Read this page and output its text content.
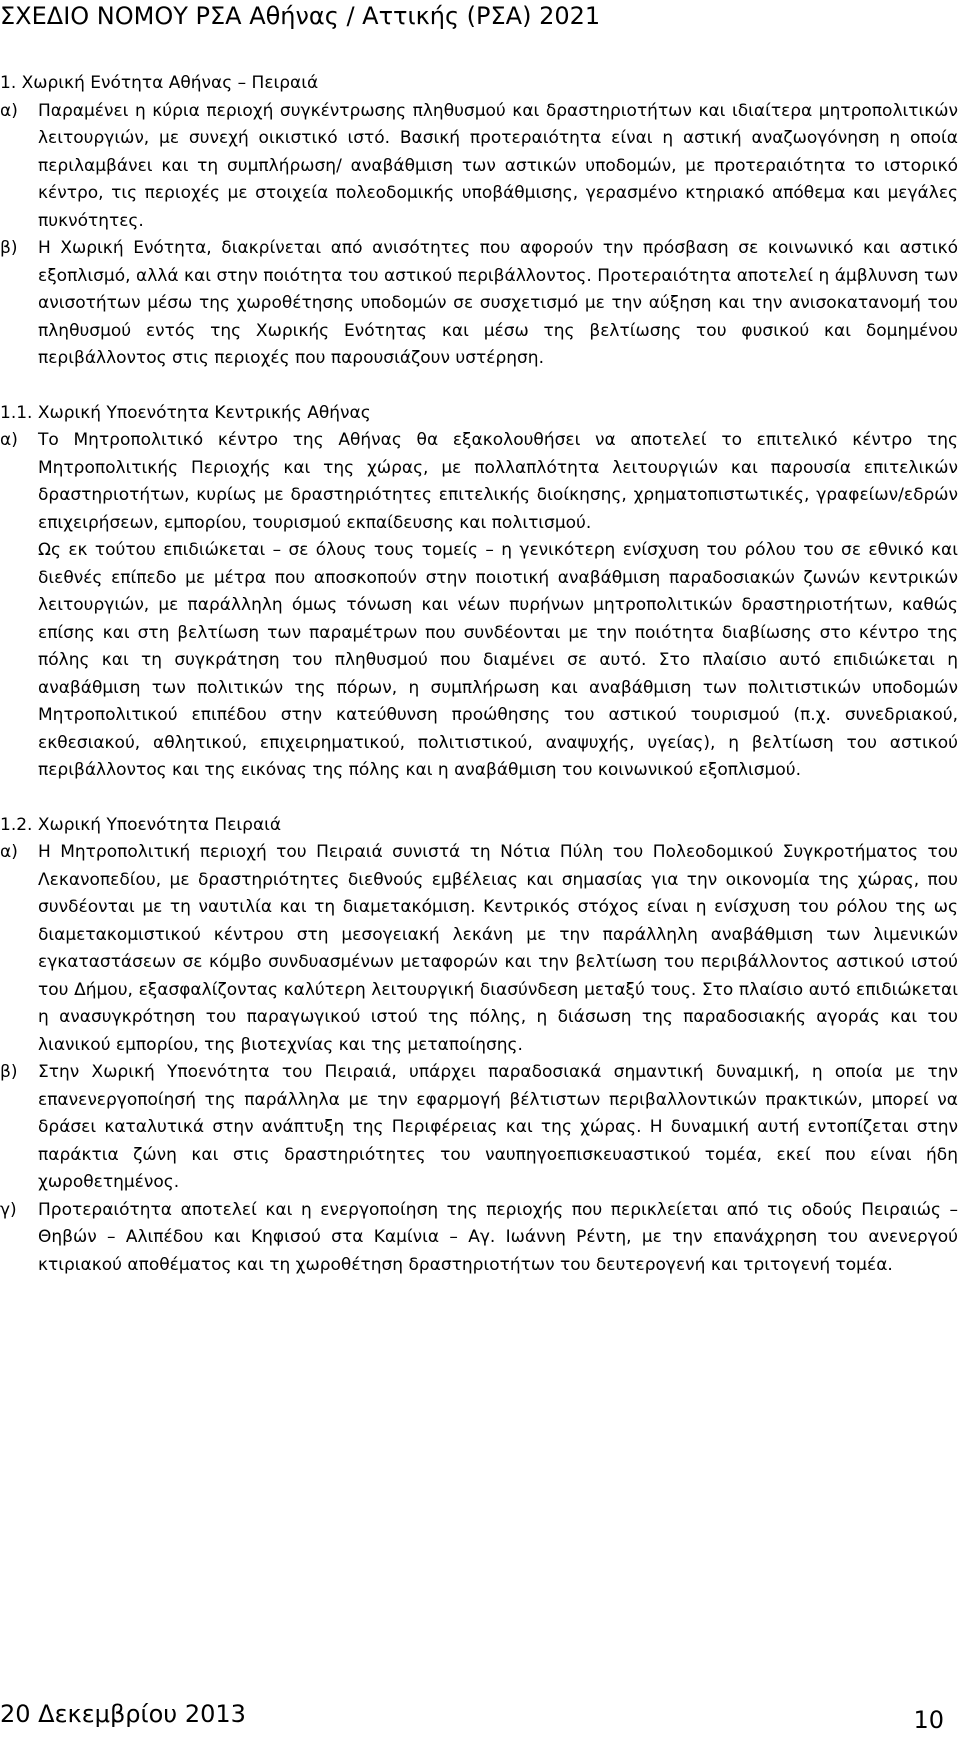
ΣΧΕΔΙΟ ΝΟΜΟΥ ΡΣΑ Αθήνας / Αττικής (ΡΣΑ) 2021

1. Χωρική Ενότητα Αθήνας – Πειραιά

α) Παραμένει η κύρια περιοχή συγκέντρωσης πληθυσμού και δραστηριοτήτων και ιδιαίτερα μητροπολιτικών λειτουργιών, με συνεχή οικιστικό ιστό. Βασική προτεραιότητα είναι η αστική αναζωογόνηση η οποία περιλαμβάνει και τη συμπλήρωση/ αναβάθμιση των αστικών υποδομών, με προτεραιότητα το ιστορικό κέντρο, τις περιοχές με στοιχεία πολεοδομικής υποβάθμισης, γερασμένο κτηριακό απόθεμα και μεγάλες πυκνότητες.

β) Η Χωρική Ενότητα, διακρίνεται από ανισότητες που αφορούν την πρόσβαση σε κοινωνικό και αστικό εξοπλισμό, αλλά και στην ποιότητα του αστικού περιβάλλοντος. Προτεραιότητα αποτελεί η άμβλυνση των ανισοτήτων μέσω της χωροθέτησης υποδομών σε συσχετισμό με την αύξηση και την ανισοκατανομή του πληθυσμού εντός της Χωρικής Ενότητας και μέσω της βελτίωσης του φυσικού και δομημένου περιβάλλοντος στις περιοχές που παρουσιάζουν υστέρηση.

1.1. Χωρική Υποενότητα Κεντρικής Αθήνας

α) Το Μητροπολιτικό κέντρο της Αθήνας θα εξακολουθήσει να αποτελεί το επιτελικό κέντρο της Μητροπολιτικής Περιοχής και της χώρας, με πολλαπλότητα λειτουργιών και παρουσία επιτελικών δραστηριοτήτων, κυρίως με δραστηριότητες επιτελικής διοίκησης, χρηματοπιστωτικές, γραφείων/εδρών επιχειρήσεων, εμπορίου, τουρισμού εκπαίδευσης και πολιτισμού.

Ως εκ τούτου επιδιώκεται – σε όλους τους τομείς – η γενικότερη ενίσχυση του ρόλου του σε εθνικό και διεθνές επίπεδο με μέτρα που αποσκοπούν στην ποιοτική αναβάθμιση παραδοσιακών ζωνών κεντρικών λειτουργιών, με παράλληλη όμως τόνωση και νέων πυρήνων μητροπολιτικών δραστηριοτήτων, καθώς επίσης και στη βελτίωση των παραμέτρων που συνδέονται με την ποιότητα διαβίωσης στο κέντρο της πόλης και τη συγκράτηση του πληθυσμού που διαμένει σε αυτό. Στο πλαίσιο αυτό επιδιώκεται η αναβάθμιση των πολιτικών της πόρων, η συμπλήρωση και αναβάθμιση των πολιτιστικών υποδομών Μητροπολιτικού επιπέδου στην κατεύθυνση προώθησης του αστικού τουρισμού (π.χ. συνεδριακού, εκθεσιακού, αθλητικού, επιχειρηματικού, πολιτιστικού, αναψυχής, υγείας), η βελτίωση του αστικού περιβάλλοντος και της εικόνας της πόλης και η αναβάθμιση του κοινωνικού εξοπλισμού.

1.2. Χωρική Υποενότητα Πειραιά

α) Η Μητροπολιτική περιοχή του Πειραιά συνιστά τη Νότια Πύλη του Πολεοδομικού Συγκροτήματος του Λεκανοπεδίου, με δραστηριότητες διεθνούς εμβέλειας και σημασίας για την οικονομία της χώρας, που συνδέονται με τη ναυτιλία και τη διαμετακόμιση. Κεντρικός στόχος είναι η ενίσχυση του ρόλου της ως διαμετακομιστικού κέντρου στη μεσογειακή λεκάνη με την παράλληλη αναβάθμιση των λιμενικών εγκαταστάσεων σε κόμβο συνδυασμένων μεταφορών και την βελτίωση του περιβάλλοντος αστικού ιστού του Δήμου, εξασφαλίζοντας καλύτερη λειτουργική διασύνδεση μεταξύ τους. Στο πλαίσιο αυτό επιδιώκεται η ανασυγκρότηση του παραγωγικού ιστού της πόλης, η διάσωση της παραδοσιακής αγοράς και του λιανικού εμπορίου, της βιοτεχνίας και της μεταποίησης.

β) Στην Χωρική Υποενότητα του Πειραιά, υπάρχει παραδοσιακά σημαντική δυναμική, η οποία με την επανενεργοποίησή της παράλληλα με την εφαρμογή βέλτιστων περιβαλλοντικών πρακτικών, μπορεί να δράσει καταλυτικά στην ανάπτυξη της Περιφέρειας και της χώρας. Η δυναμική αυτή εντοπίζεται στην παράκτια ζώνη και στις δραστηριότητες του ναυπηγοεπισκευαστικού τομέα, εκεί που είναι ήδη χωροθετημένος.

γ) Προτεραιότητα αποτελεί και η ενεργοποίηση της περιοχής που περικλείεται από τις οδούς Πειραιώς – Θηβών – Αλιπέδου και Κηφισού στα Καμίνια – Αγ. Ιωάννη Ρέντη, με την επανάχρηση του ανενεργού κτιριακού αποθέματος και τη χωροθέτηση δραστηριοτήτων του δευτερογενή και τριτογενή τομέα.

20 Δεκεμβρίου 2013	10
